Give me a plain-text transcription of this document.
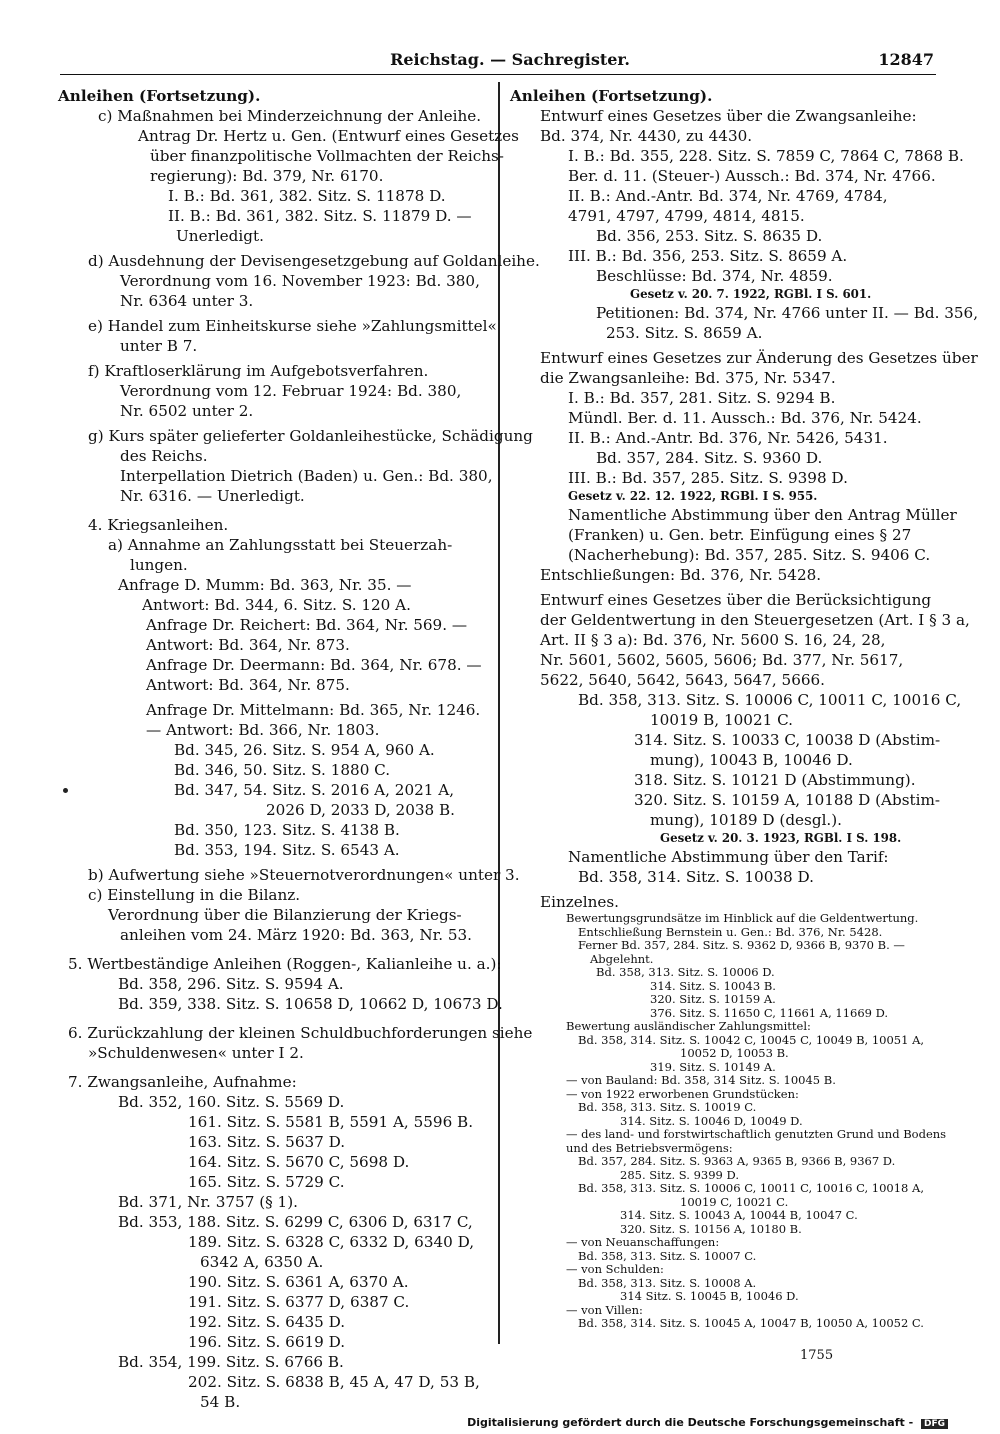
Reichstag. — Sachregister.	12847
Anleihen (Fortsetzung).
c) Maßnahmen bei Minderzeichnung der Anleihe.
Antrag Dr. Hertz u. Gen. (Entwurf eines Gesetzes
über finanzpolitische Vollmachten der Reichs-
regierung): Bd. 379, Nr. 6170.
I. B.: Bd. 361, 382. Sitz. S. 11878 D.
II. B.: Bd. 361, 382. Sitz. S. 11879 D. —
Unerledigt.
d) Ausdehnung der Devisengesetzgebung auf Goldanleihe.
Verordnung vom 16. November 1923: Bd. 380,
Nr. 6364 unter 3.
e) Handel zum Einheitskurse siehe »Zahlungsmittel«
unter B 7.
f) Kraftloserklärung im Aufgebotsverfahren.
Verordnung vom 12. Februar 1924: Bd. 380,
Nr. 6502 unter 2.
g) Kurs später gelieferter Goldanleihestücke, Schädigung
des Reichs.
Interpellation Dietrich (Baden) u. Gen.: Bd. 380,
Nr. 6316. — Unerledigt.
4. Kriegsanleihen.
a) Annahme an Zahlungsstatt bei Steuerzah-
lungen.
Anfrage D. Mumm: Bd. 363, Nr. 35. —
Antwort: Bd. 344, 6. Sitz. S. 120 A.
Anfrage Dr. Reichert: Bd. 364, Nr. 569. —
Antwort: Bd. 364, Nr. 873.
Anfrage Dr. Deermann: Bd. 364, Nr. 678. —
Antwort: Bd. 364, Nr. 875.
Anfrage Dr. Mittelmann: Bd. 365, Nr. 1246.
— Antwort: Bd. 366, Nr. 1803.
Bd. 345, 26. Sitz. S. 954 A, 960 A.
Bd. 346, 50. Sitz. S. 1880 C.
Bd. 347, 54. Sitz. S. 2016 A, 2021 A,
2026 D, 2033 D, 2038 B.
Bd. 350, 123. Sitz. S. 4138 B.
Bd. 353, 194. Sitz. S. 6543 A.
b) Aufwertung siehe »Steuernotverordnungen« unter 3.
c) Einstellung in die Bilanz.
Verordnung über die Bilanzierung der Kriegs-
anleihen vom 24. März 1920: Bd. 363, Nr. 53.
5. Wertbeständige Anleihen (Roggen-, Kalianleihe u. a.):
Bd. 358, 296. Sitz. S. 9594 A.
Bd. 359, 338. Sitz. S. 10658 D, 10662 D, 10673 D.
6. Zurückzahlung der kleinen Schuldbuchforderungen siehe
»Schuldenwesen« unter I 2.
7. Zwangsanleihe, Aufnahme:
Bd. 352, 160. Sitz. S. 5569 D.
161. Sitz. S. 5581 B, 5591 A, 5596 B.
163. Sitz. S. 5637 D.
164. Sitz. S. 5670 C, 5698 D.
165. Sitz. S. 5729 C.
Bd. 371, Nr. 3757 (§ 1).
Bd. 353, 188. Sitz. S. 6299 C, 6306 D, 6317 C,
189. Sitz. S. 6328 C, 6332 D, 6340 D,
6342 A, 6350 A.
190. Sitz. S. 6361 A, 6370 A.
191. Sitz. S. 6377 D, 6387 C.
192. Sitz. S. 6435 D.
196. Sitz. S. 6619 D.
Bd. 354, 199. Sitz. S. 6766 B.
202. Sitz. S. 6838 B, 45 A, 47 D, 53 B,
54 B.
Anleihen (Fortsetzung).
Entwurf eines Gesetzes über die Zwangsanleihe:
Bd. 374, Nr. 4430, zu 4430.
I. B.: Bd. 355, 228. Sitz. S. 7859 C, 7864 C, 7868 B.
Ber. d. 11. (Steuer-) Aussch.: Bd. 374, Nr. 4766.
II. B.: And.-Antr. Bd. 374, Nr. 4769, 4784,
4791, 4797, 4799, 4814, 4815.
Bd. 356, 253. Sitz. S. 8635 D.
III. B.: Bd. 356, 253. Sitz. S. 8659 A.
Beschlüsse: Bd. 374, Nr. 4859.
Gesetz v. 20. 7. 1922, RGBl. I S. 601.
Petitionen: Bd. 374, Nr. 4766 unter II. — Bd. 356,
253. Sitz. S. 8659 A.
Entwurf eines Gesetzes zur Änderung des Gesetzes über
die Zwangsanleihe: Bd. 375, Nr. 5347.
I. B.: Bd. 357, 281. Sitz. S. 9294 B.
Mündl. Ber. d. 11. Aussch.: Bd. 376, Nr. 5424.
II. B.: And.-Antr. Bd. 376, Nr. 5426, 5431.
Bd. 357, 284. Sitz. S. 9360 D.
III. B.: Bd. 357, 285. Sitz. S. 9398 D.
Gesetz v. 22. 12. 1922, RGBl. I S. 955.
Namentliche Abstimmung über den Antrag Müller
(Franken) u. Gen. betr. Einfügung eines § 27
(Nacherhebung): Bd. 357, 285. Sitz. S. 9406 C.
Entschließungen: Bd. 376, Nr. 5428.
Entwurf eines Gesetzes über die Berücksichtigung
der Geldentwertung in den Steuergesetzen (Art. I § 3 a,
Art. II § 3 a): Bd. 376, Nr. 5600 S. 16, 24, 28,
Nr. 5601, 5602, 5605, 5606; Bd. 377, Nr. 5617,
5622, 5640, 5642, 5643, 5647, 5666.
Bd. 358, 313. Sitz. S. 10006 C, 10011 C, 10016 C,
10019 B, 10021 C.
314. Sitz. S. 10033 C, 10038 D (Abstim-
mung), 10043 B, 10046 D.
318. Sitz. S. 10121 D (Abstimmung).
320. Sitz. S. 10159 A, 10188 D (Abstim-
mung), 10189 D (desgl.).
Gesetz v. 20. 3. 1923, RGBl. I S. 198.
Namentliche Abstimmung über den Tarif:
Bd. 358, 314. Sitz. S. 10038 D.
Einzelnes.
Bewertungsgrundsätze im Hinblick auf die Geldentwertung.
Entschließung Bernstein u. Gen.: Bd. 376, Nr. 5428.
Ferner Bd. 357, 284. Sitz. S. 9362 D, 9366 B, 9370 B. —
Abgelehnt.
Bd. 358, 313. Sitz. S. 10006 D.
314. Sitz. S. 10043 B.
320. Sitz. S. 10159 A.
376. Sitz. S. 11650 C, 11661 A, 11669 D.
Bewertung ausländischer Zahlungsmittel:
Bd. 358, 314. Sitz. S. 10042 C, 10045 C, 10049 B, 10051 A,
10052 D, 10053 B.
319. Sitz. S. 10149 A.
— von Bauland: Bd. 358, 314 Sitz. S. 10045 B.
— von 1922 erworbenen Grundstücken:
Bd. 358, 313. Sitz. S. 10019 C.
314. Sitz. S. 10046 D, 10049 D.
— des land- und forstwirtschaftlich genutzten Grund und Bodens
und des Betriebsvermögens:
Bd. 357, 284. Sitz. S. 9363 A, 9365 B, 9366 B, 9367 D.
285. Sitz. S. 9399 D.
Bd. 358, 313. Sitz. S. 10006 C, 10011 C, 10016 C, 10018 A,
10019 C, 10021 C.
314. Sitz. S. 10043 A, 10044 B, 10047 C.
320. Sitz. S. 10156 A, 10180 B.
— von Neuanschaffungen:
Bd. 358, 313. Sitz. S. 10007 C.
— von Schulden:
Bd. 358, 313. Sitz. S. 10008 A.
314 Sitz. S. 10045 B, 10046 D.
— von Villen:
Bd. 358, 314. Sitz. S. 10045 A, 10047 B, 10050 A, 10052 C.
1755
Digitalisierung gefördert durch die Deutsche Forschungsgemeinschaft - DFG
